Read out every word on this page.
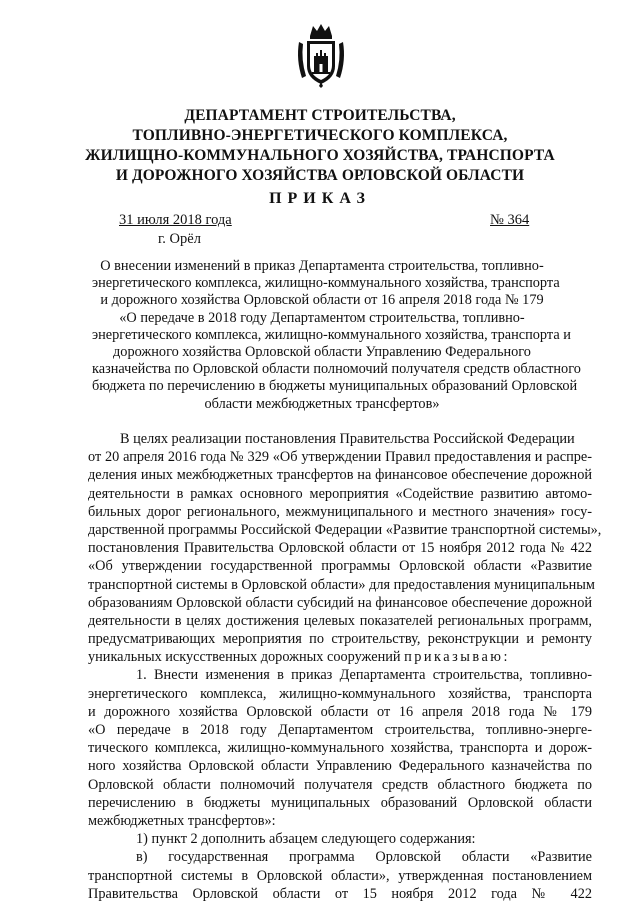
ДЕПАРТАМЕНТ СТРОИТЕЛЬСТВА,
ТОПЛИВНО-ЭНЕРГЕТИЧЕСКОГО КОМПЛЕКСА,
ЖИЛИЩНО-КОММУНАЛЬНОГО ХОЗЯЙСТВА, ТРАНСПОРТА
И ДОРОЖНОГО ХОЗЯЙСТВА ОРЛОВСКОЙ ОБЛАСТИ
ПРИКАЗ
31 июля 2018 года	№ 364
г. Орёл
О внесении изменений в приказ Департамента строительства, топливно-
энергетического комплекса, жилищно-коммунального хозяйства, транспорта
и дорожного хозяйства Орловской области от 16 апреля 2018 года № 179
«О передаче в 2018 году Департаментом строительства, топливно-
энергетического комплекса, жилищно-коммунального хозяйства, транспорта и
дорожного хозяйства Орловской области Управлению Федерального
казначейства по Орловской области полномочий получателя средств областного
бюджета по перечислению в бюджеты муниципальных образований Орловской
области межбюджетных трансфертов»
В целях реализации постановления Правительства Российской Федерации
от 20 апреля 2016 года № 329 «Об утверждении Правил предоставления и распре-
деления иных межбюджетных трансфертов на финансовое обеспечение дорожной
деятельности в рамках основного мероприятия «Содействие развитию автомо-
бильных дорог регионального, межмуниципального и местного значения» госу-
дарственной программы Российской Федерации «Развитие транспортной системы»,
постановления Правительства Орловской области от 15 ноября 2012 года № 422
«Об утверждении государственной программы Орловской области «Развитие
транспортной системы в Орловской области» для предоставления муниципальным
образованиям Орловской области субсидий на финансовое обеспечение дорожной
деятельности в целях достижения целевых показателей региональных программ,
предусматривающих мероприятия по строительству, реконструкции и ремонту
уникальных искусственных дорожных сооружений приказываю:
1. Внести изменения в приказ Департамента строительства, топливно-
энергетического комплекса, жилищно-коммунального хозяйства, транспорта
и дорожного хозяйства Орловской области от 16 апреля 2018 года № 179
«О передаче в 2018 году Департаментом строительства, топливно-энерге-
тического комплекса, жилищно-коммунального хозяйства, транспорта и дорож-
ного хозяйства Орловской области Управлению Федерального казначейства по
Орловской области полномочий получателя средств областного бюджета по
перечислению в бюджеты муниципальных образований Орловской области
межбюджетных трансфертов»:
1) пункт 2 дополнить абзацем следующего содержания:
в) государственная программа Орловской области «Развитие
транспортной системы в Орловской области», утвержденная постановлением
Правительства Орловской области от 15 ноября 2012 года № 422
